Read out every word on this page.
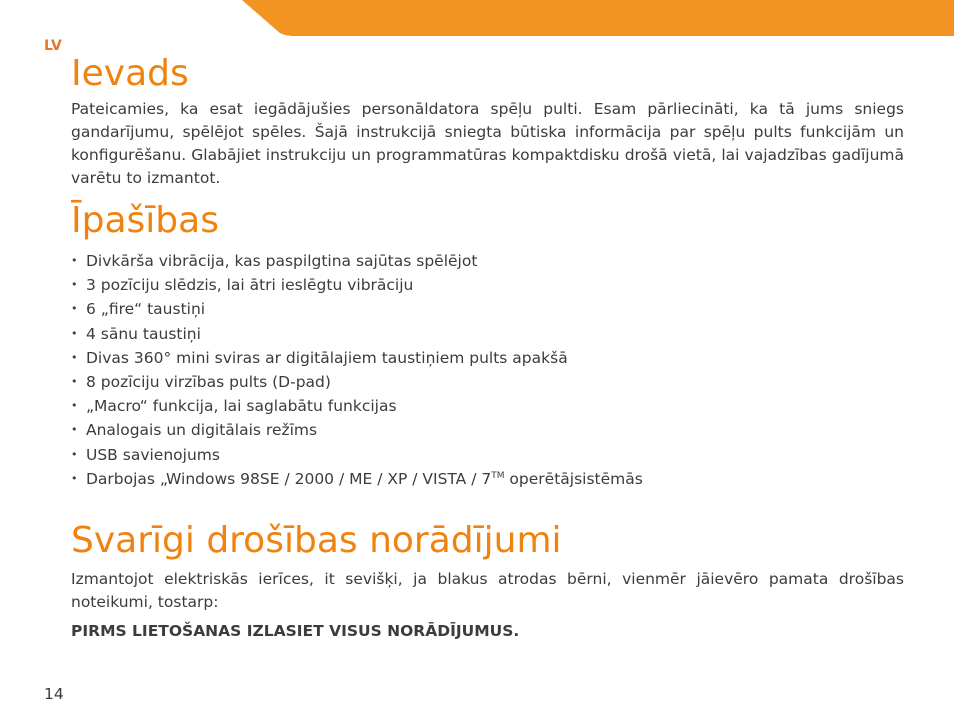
LV
Ievads

Pateicamies, ka esat iegādājušies personāldatora spēļu pulti. Esam pārliecināti, ka tā jums sniegs gandarījumu, spēlējot spēles. Šajā instrukcijā sniegta būtiska informācija par spēļu pults funkcijām un konfigurēšanu. Glabājiet instrukciju un programmatūras kompaktdisku drošā vietā, lai vajadzības gadījumā varētu to izmantot.

Īpašības
• Divkārša vibrācija, kas paspilgtina sajūtas spēlējot
• 3 pozīciju slēdzis, lai ātri ieslēgtu vibrāciju
• 6 „fire“ taustiņi
• 4 sānu taustiņi
• Divas 360° mini sviras ar digitālajiem taustiņiem pults apakšā
• 8 pozīciju virzības pults (D-pad)
• „Macro“ funkcija, lai saglabātu funkcijas
• Analogais un digitālais režīms
• USB savienojums
• Darbojas „Windows 98SE / 2000 / ME / XP / VISTA / 7™ operētājsistēmās
Svarīgi drošības norādījumi

Izmantojot elektriskās ierīces, it sevišķi, ja blakus atrodas bērni, vienmēr jāievēro pamata drošības noteikumi, tostarp:

PIRMS LIETOŠANAS IZLASIET VISUS NORĀDĪJUMUS.

14
